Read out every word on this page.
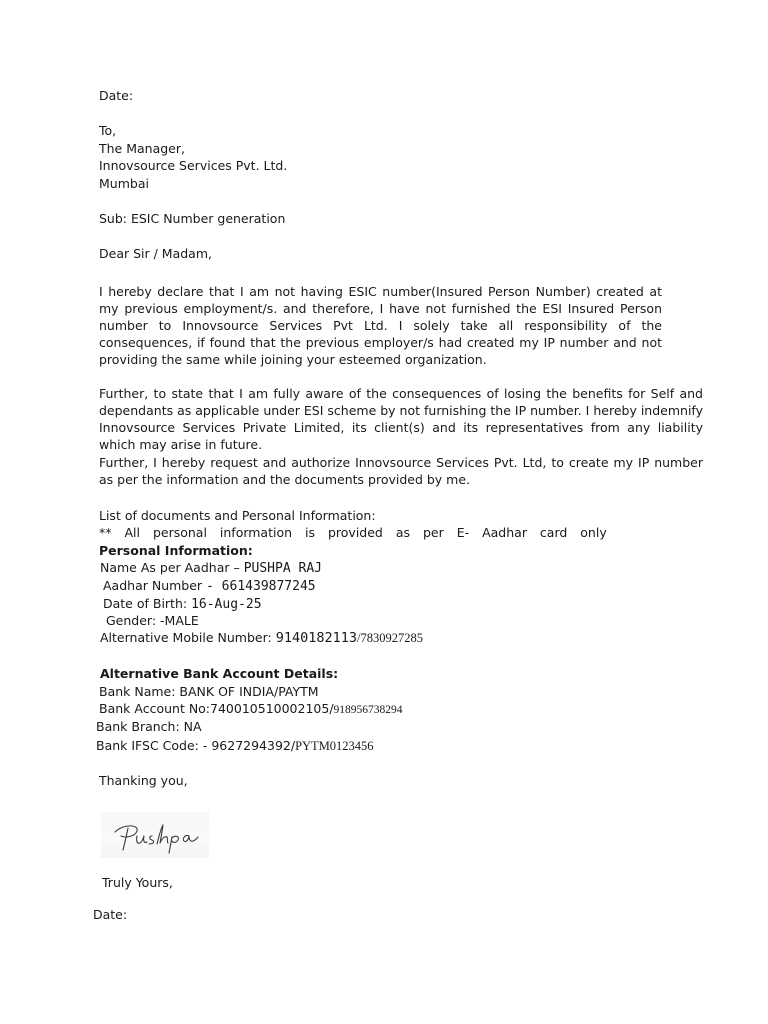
Date:

To,

The Manager,

Innovsource Services Pvt. Ltd.

Mumbai

Sub: ESIC Number generation

Dear Sir / Madam,

I hereby declare that I am not having ESIC number(Insured Person Number) created at my previous employment/s. and therefore, I have not furnished the ESI Insured Person number to Innovsource Services Pvt Ltd. I solely take all responsibility of the consequences, if found that the previous employer/s had created my IP number and not providing the same while joining your esteemed organization.

Further, to state that I am fully aware of the consequences of losing the benefits for Self and dependants as applicable under ESI scheme by not furnishing the IP number. I hereby indemnify Innovsource Services Private Limited, its client(s) and its representatives from any liability which may arise in future.

Further, I hereby request and authorize Innovsource Services Pvt. Ltd, to create my IP number as per the information and the documents provided by me.

List of documents and Personal Information:

** All personal information is provided as per E- Aadhar card only

Personal Information:

Name As per Aadhar – PUSHPA RAJ

Aadhar Number - 661439877245

Date of Birth: 16-Aug-25

Gender: -MALE

Alternative Mobile Number: 9140182113/7830927285

Alternative Bank Account Details:

Bank Name: BANK OF INDIA/PAYTM

Bank Account No:740010510002105/918956738294

Bank Branch: NA

Bank IFSC Code: - 9627294392/PYTM0123456

Thanking you,

Truly Yours,

Date:
